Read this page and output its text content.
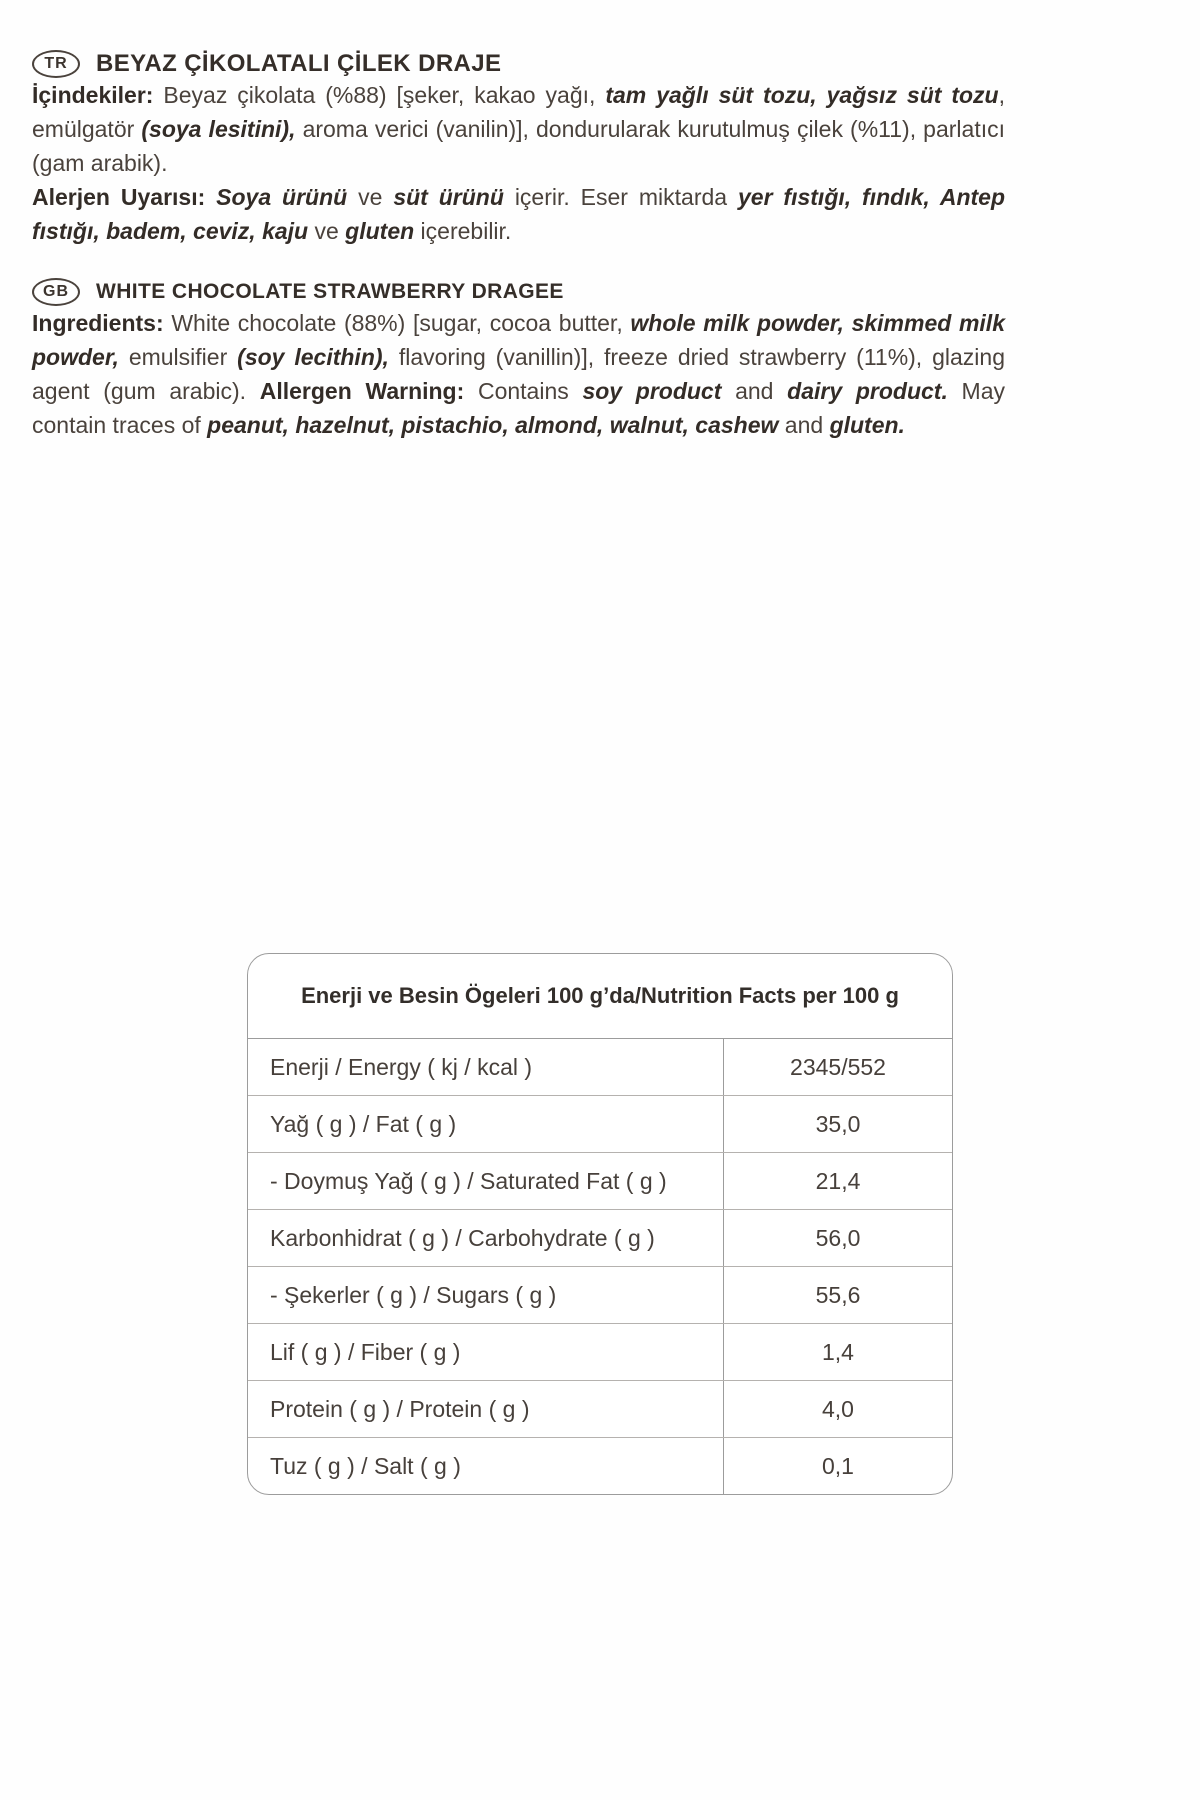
TR	BEYAZ ÇİKOLATALI ÇİLEK DRAJE

İçindekiler: Beyaz çikolata (%88) [şeker, kakao yağı, tam yağlı süt tozu, yağsız süt tozu, emülgatör (soya lesitini), aroma verici (vanilin)], dondurularak kurutulmuş çilek (%11), parlatıcı (gam arabik).

Alerjen Uyarısı: Soya ürünü ve süt ürünü içerir. Eser miktarda yer fıstığı, fındık, Antep fıstığı, badem, ceviz, kaju ve gluten içerebilir.

GB	WHITE CHOCOLATE STRAWBERRY DRAGEE

Ingredients: White chocolate (88%) [sugar, cocoa butter, whole milk powder, skimmed milk powder, emulsifier (soy lecithin), flavoring (vanillin)], freeze dried strawberry (11%), glazing agent (gum arabic). Allergen Warning: Contains soy product and dairy product. May contain traces of peanut, hazelnut, pistachio, almond, walnut, cashew and gluten.

Enerji ve Besin Ögeleri 100 g’da/Nutrition Facts per 100 g
Enerji / Energy ( kj / kcal )	2345/552
Yağ ( g ) / Fat ( g )	35,0
- Doymuş Yağ ( g ) / Saturated Fat ( g )	21,4
Karbonhidrat ( g ) / Carbohydrate ( g )	56,0
- Şekerler ( g ) / Sugars ( g )	55,6
Lif ( g ) / Fiber ( g )	1,4
Protein ( g ) / Protein ( g )	4,0
Tuz ( g ) / Salt ( g )	0,1
